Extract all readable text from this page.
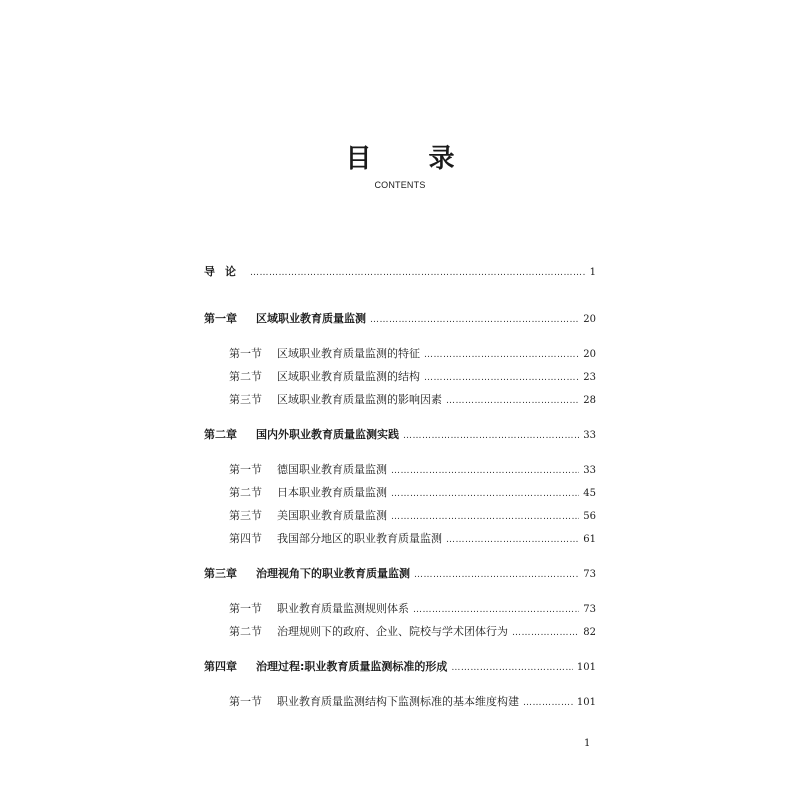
目 录
CONTENTS
导论 ………………………………………………………………………………………………………………………………………………………………………………	1
第一章	区域职业教育质量监测 ………………………………………………………………………………………………………………………………………………………………………………	20
第一节	区域职业教育质量监测的特征 ………………………………………………………………………………………………………………………………………………………………………………	20
第二节	区域职业教育质量监测的结构 ………………………………………………………………………………………………………………………………………………………………………………	23
第三节	区域职业教育质量监测的影响因素 ………………………………………………………………………………………………………………………………………………………………………………	28
第二章	国内外职业教育质量监测实践 ………………………………………………………………………………………………………………………………………………………………………………	33
第一节	德国职业教育质量监测 ………………………………………………………………………………………………………………………………………………………………………………	33
第二节	日本职业教育质量监测 ………………………………………………………………………………………………………………………………………………………………………………	45
第三节	美国职业教育质量监测 ………………………………………………………………………………………………………………………………………………………………………………	56
第四节	我国部分地区的职业教育质量监测 ………………………………………………………………………………………………………………………………………………………………………………	61
第三章	治理视角下的职业教育质量监测 ………………………………………………………………………………………………………………………………………………………………………………	73
第一节	职业教育质量监测规则体系 ………………………………………………………………………………………………………………………………………………………………………………	73
第二节	治理规则下的政府、企业、院校与学术团体行为 ………………………………………………………………………………………………………………………………………………………………………………	82
第四章	治理过程:职业教育质量监测标准的形成 ………………………………………………………………………………………………………………………………………………………………………………	101
第一节	职业教育质量监测结构下监测标准的基本维度构建 ………………………………………………………………………………………………………………………………………………………………………………	101
1
